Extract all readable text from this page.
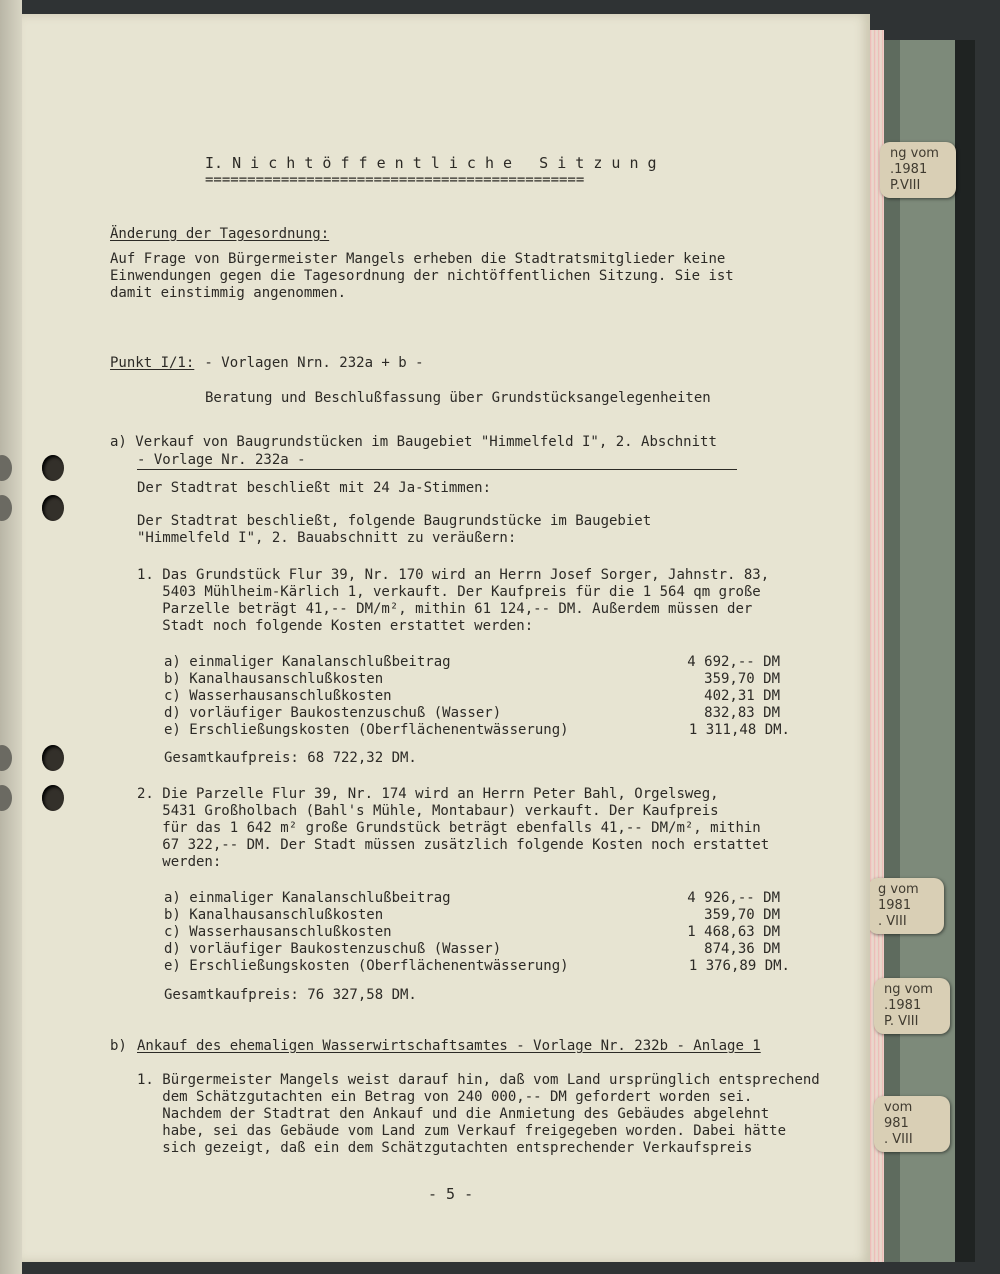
ng vom
.1981
P.VIII
g vom
1981
. VIII
ng vom
.1981
P. VIII
vom
981
. VIII

I. N i c h t ö f f e n t l i c h e   S i t z u n g

=============================================

Änderung der Tagesordnung:

Auf Frage von Bürgermeister Mangels erheben die Stadtratsmitglieder keine
Einwendungen gegen die Tagesordnung der nichtöffentlichen Sitzung. Sie ist
damit einstimmig angenommen.

Punkt I/1: - Vorlagen Nrn. 232a + b -

Beratung und Beschlußfassung über Grundstücksangelegenheiten

a) Verkauf von Baugrundstücken im Baugebiet "Himmelfeld I", 2. Abschnitt

- Vorlage Nr. 232a -

Der Stadtrat beschließt mit 24 Ja-Stimmen:

Der Stadtrat beschließt, folgende Baugrundstücke im Baugebiet
"Himmelfeld I", 2. Bauabschnitt zu veräußern:

1. Das Grundstück Flur 39, Nr. 170 wird an Herrn Josef Sorger, Jahnstr. 83,
5403 Mühlheim-Kärlich 1, verkauft. Der Kaufpreis für die 1 564 qm große
Parzelle beträgt 41,-- DM/m², mithin 61 124,-- DM. Außerdem müssen der
Stadt noch folgende Kosten erstattet werden:

a) einmaliger Kanalanschlußbeitrag	4 692,-- DM
b) Kanalhausanschlußkosten	359,70 DM
c) Wasserhausanschlußkosten	402,31 DM
d) vorläufiger Baukostenzuschuß (Wasser)	832,83 DM
e) Erschließungskosten (Oberflächenentwässerung)	1 311,48 DM.

Gesamtkaufpreis: 68 722,32 DM.

2. Die Parzelle Flur 39, Nr. 174 wird an Herrn Peter Bahl, Orgelsweg,
5431 Großholbach (Bahl's Mühle, Montabaur) verkauft. Der Kaufpreis
für das 1 642 m² große Grundstück beträgt ebenfalls 41,-- DM/m², mithin
67 322,-- DM. Der Stadt müssen zusätzlich folgende Kosten noch erstattet
werden:

a) einmaliger Kanalanschlußbeitrag	4 926,-- DM
b) Kanalhausanschlußkosten	359,70 DM
c) Wasserhausanschlußkosten	1 468,63 DM
d) vorläufiger Baukostenzuschuß (Wasser)	874,36 DM
e) Erschließungskosten (Oberflächenentwässerung)	1 376,89 DM.

Gesamtkaufpreis: 76 327,58 DM.

b) Ankauf des ehemaligen Wasserwirtschaftsamtes - Vorlage Nr. 232b - Anlage 1

1. Bürgermeister Mangels weist darauf hin, daß vom Land ursprünglich entsprechend
dem Schätzgutachten ein Betrag von 240 000,-- DM gefordert worden sei.
Nachdem der Stadtrat den Ankauf und die Anmietung des Gebäudes abgelehnt
habe, sei das Gebäude vom Land zum Verkauf freigegeben worden. Dabei hätte
sich gezeigt, daß ein dem Schätzgutachten entsprechender Verkaufspreis

- 5 -
